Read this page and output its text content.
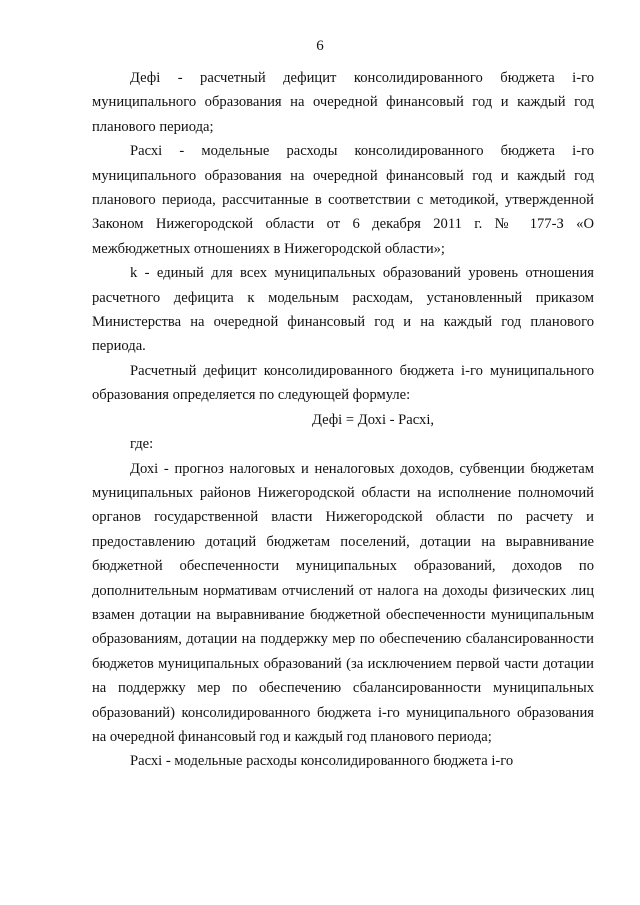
6

Дефi - расчетный дефицит консолидированного бюджета i-го муниципального образования на очередной финансовый год и каждый год планового периода;

Расхi - модельные расходы консолидированного бюджета i-го муниципального образования на очередной финансовый год и каждый год планового периода, рассчитанные в соответствии с методикой, утвержденной Законом Нижегородской области от 6 декабря 2011 г. № 177-З «О межбюджетных отношениях в Нижегородской области»;

k - единый для всех муниципальных образований уровень отношения расчетного дефицита к модельным расходам, установленный приказом Министерства на очередной финансовый год и на каждый год планового периода.

Расчетный дефицит консолидированного бюджета i-го муниципального образования определяется по следующей формуле:

Дефi = Дохi - Расхi,

где:

Дохi - прогноз налоговых и неналоговых доходов, субвенции бюджетам муниципальных районов Нижегородской области на исполнение полномочий органов государственной власти Нижегородской области по расчету и предоставлению дотаций бюджетам поселений, дотации на выравнивание бюджетной обеспеченности муниципальных образований, доходов по дополнительным нормативам отчислений от налога на доходы физических лиц взамен дотации на выравнивание бюджетной обеспеченности муниципальным образованиям, дотации на поддержку мер по обеспечению сбалансированности бюджетов муниципальных образований (за исключением первой части дотации на поддержку мер по обеспечению сбалансированности муниципальных образований) консолидированного бюджета i-го муниципального образования на очередной финансовый год и каждый год планового периода;

Расхi - модельные расходы консолидированного бюджета i-го
